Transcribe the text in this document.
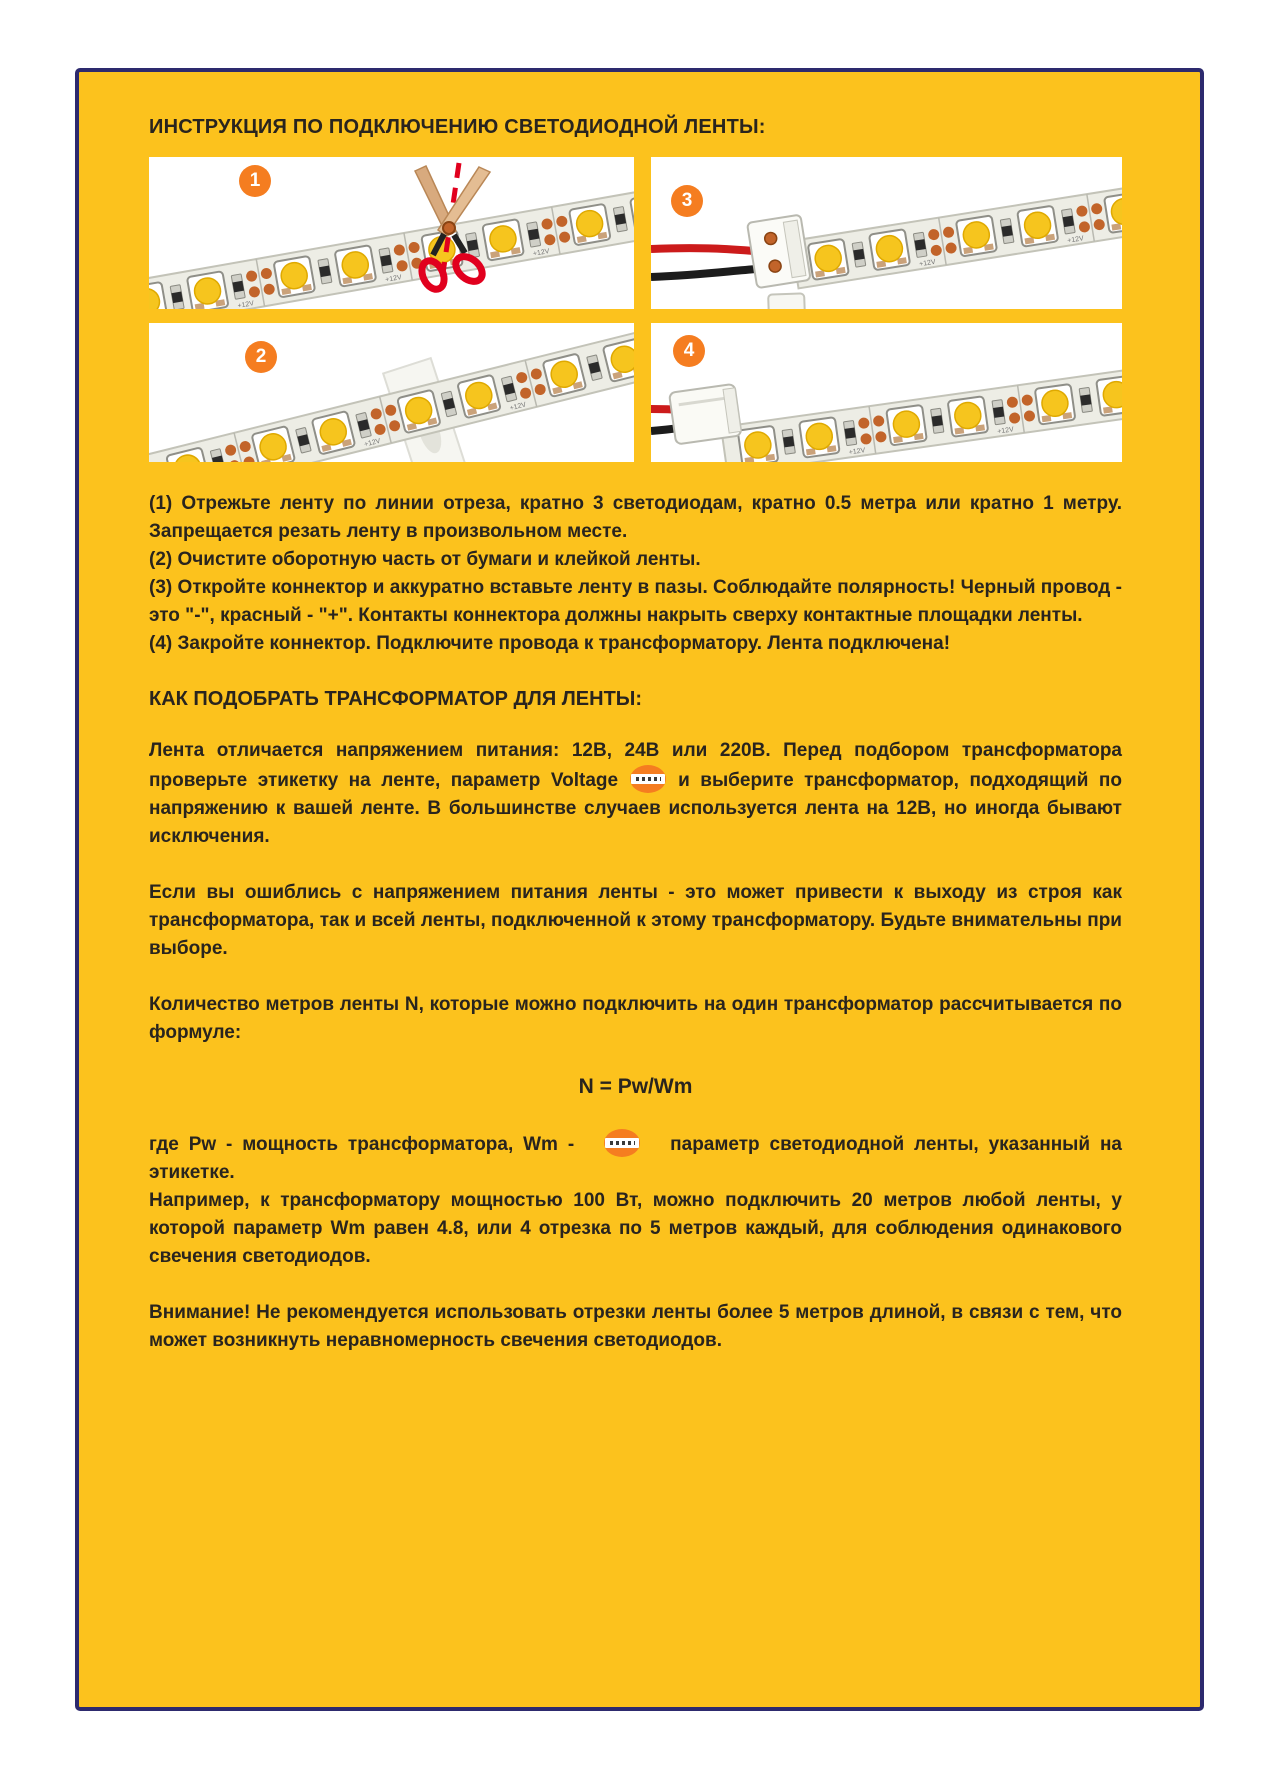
ИНСТРУКЦИЯ ПО ПОДКЛЮЧЕНИЮ СВЕТОДИОДНОЙ ЛЕНТЫ:
1
3
2	4
(1) Отрежьте ленту по линии отреза, кратно 3 светодиодам, кратно 0.5 метра или кратно 1 метру. Запрещается резать ленту в произвольном месте.
(2) Очистите оборотную часть от бумаги и клейкой ленты.
(3) Откройте коннектор и аккуратно вставьте ленту в пазы. Соблюдайте полярность! Черный провод - это "-", красный - "+". Контакты коннектора должны накрыть сверху контактные площадки ленты.
(4) Закройте коннектор. Подключите провода к трансформатору. Лента подключена!
КАК ПОДОБРАТЬ ТРАНСФОРМАТОР ДЛЯ ЛЕНТЫ:
Лента отличается напряжением питания: 12В, 24В или 220В. Перед подбором трансформатора проверьте этикетку на ленте, параметр Voltage	и выберите трансформатор, подходящий по напряжению к вашей ленте. В большинстве случаев используется лента на 12В, но иногда бывают исключения.
Если вы ошиблись с напряжением питания ленты - это может привести к выходу из строя как трансформатора, так и всей ленты, подключенной к этому трансформатору. Будьте внимательны при выборе.
Количество метров ленты N, которые можно подключить на один трансформатор рассчитывается по формуле:
N = Pw/Wm
где Pw - мощность трансформатора, Wm -	параметр светодиодной ленты, указанный на этикетке.
Например, к трансформатору мощностью 100 Вт, можно подключить 20 метров любой ленты, у которой параметр Wm равен 4.8, или 4 отрезка по 5 метров каждый, для соблюдения одинакового свечения светодиодов.
Внимание! Не рекомендуется использовать отрезки ленты более 5 метров длиной, в связи с тем, что может возникнуть неравномерность свечения светодиодов.
